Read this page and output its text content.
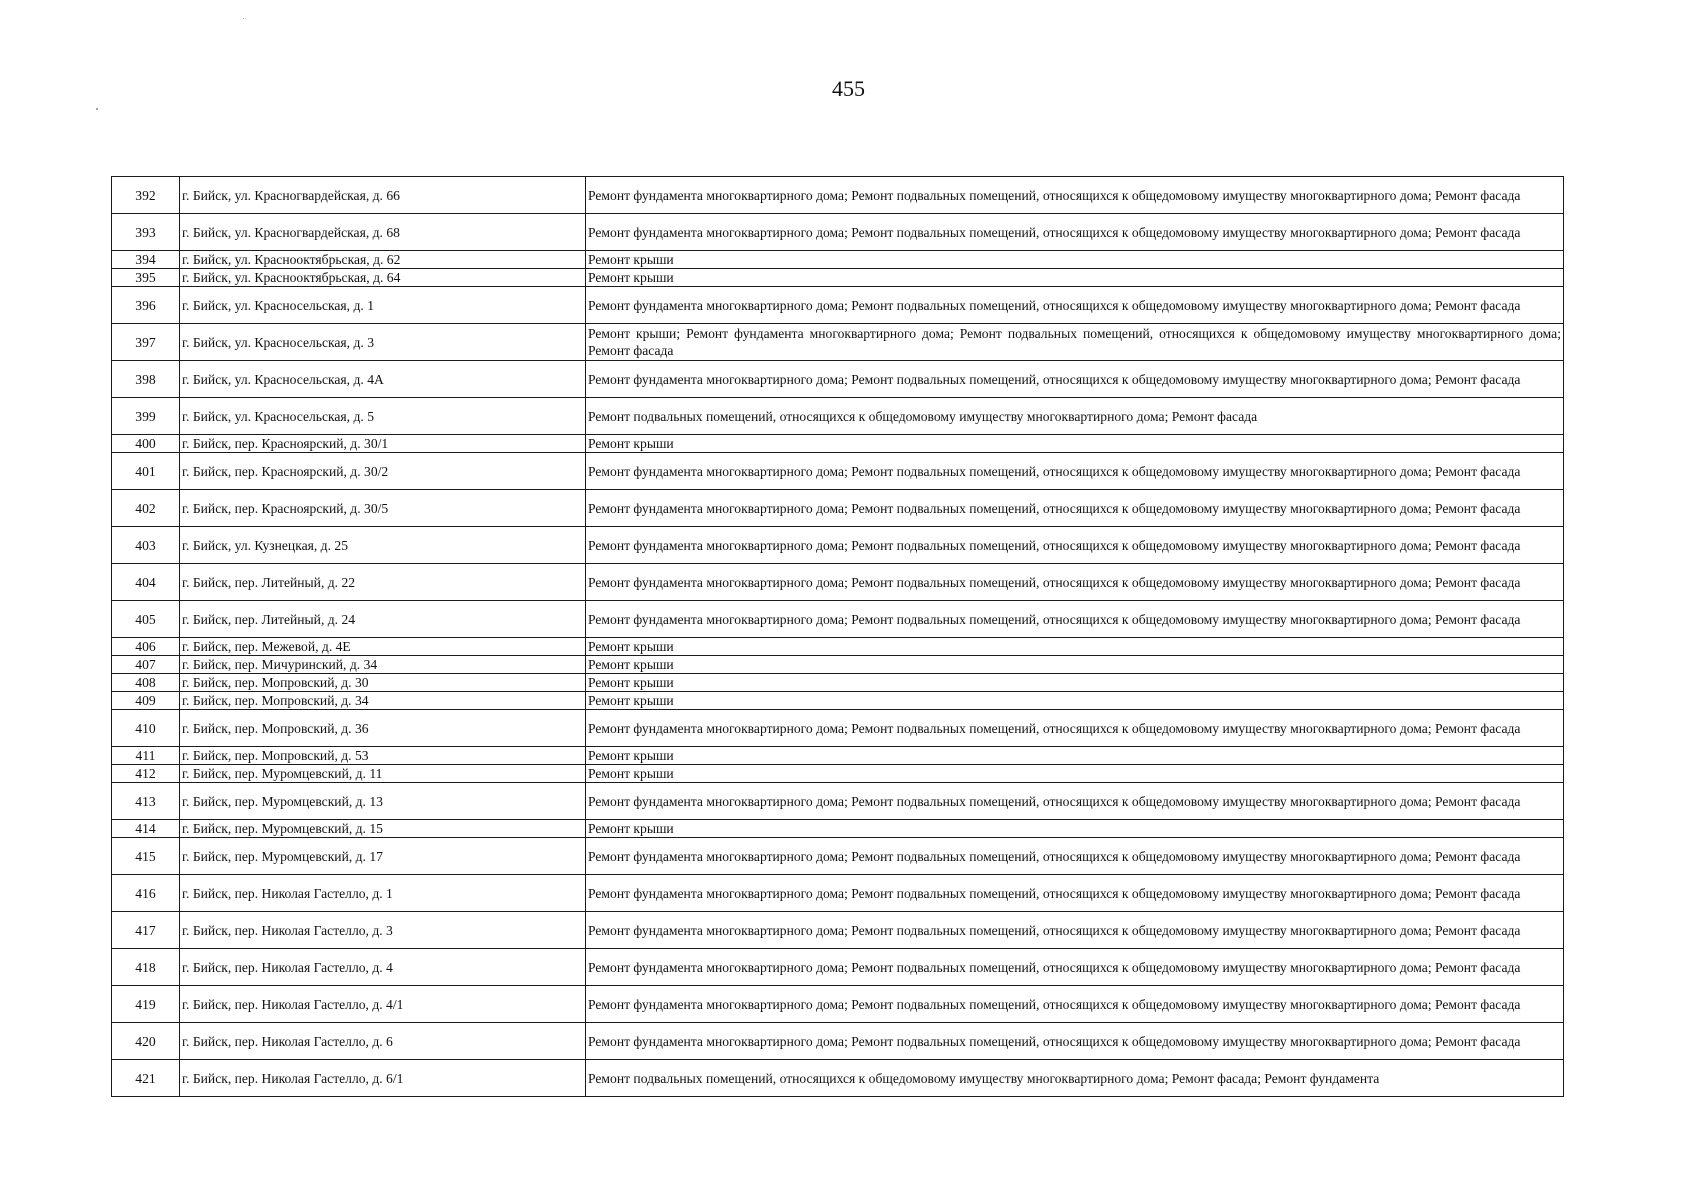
455
392	г. Бийск, ул. Красногвардейская, д. 66	Ремонт фундамента многоквартирного дома; Ремонт подвальных помещений, относящихся к общедомовому имуществу многоквартирного дома; Ремонт фасада
393	г. Бийск, ул. Красногвардейская, д. 68	Ремонт фундамента многоквартирного дома; Ремонт подвальных помещений, относящихся к общедомовому имуществу многоквартирного дома; Ремонт фасада
394	г. Бийск, ул. Краснооктябрьская, д. 62	Ремонт крыши
395	г. Бийск, ул. Краснооктябрьская, д. 64	Ремонт крыши
396	г. Бийск, ул. Красносельская, д. 1	Ремонт фундамента многоквартирного дома; Ремонт подвальных помещений, относящихся к общедомовому имуществу многоквартирного дома; Ремонт фасада
397	г. Бийск, ул. Красносельская, д. 3	Ремонт крыши; Ремонт фундамента многоквартирного дома; Ремонт подвальных помещений, относящихся к общедомовому имуществу многоквартирного дома; Ремонт фасада
398	г. Бийск, ул. Красносельская, д. 4А	Ремонт фундамента многоквартирного дома; Ремонт подвальных помещений, относящихся к общедомовому имуществу многоквартирного дома; Ремонт фасада
399	г. Бийск, ул. Красносельская, д. 5	Ремонт подвальных помещений, относящихся к общедомовому имуществу многоквартирного дома; Ремонт фасада
400	г. Бийск, пер. Красноярский, д. 30/1	Ремонт крыши
401	г. Бийск, пер. Красноярский, д. 30/2	Ремонт фундамента многоквартирного дома; Ремонт подвальных помещений, относящихся к общедомовому имуществу многоквартирного дома; Ремонт фасада
402	г. Бийск, пер. Красноярский, д. 30/5	Ремонт фундамента многоквартирного дома; Ремонт подвальных помещений, относящихся к общедомовому имуществу многоквартирного дома; Ремонт фасада
403	г. Бийск, ул. Кузнецкая, д. 25	Ремонт фундамента многоквартирного дома; Ремонт подвальных помещений, относящихся к общедомовому имуществу многоквартирного дома; Ремонт фасада
404	г. Бийск, пер. Литейный, д. 22	Ремонт фундамента многоквартирного дома; Ремонт подвальных помещений, относящихся к общедомовому имуществу многоквартирного дома; Ремонт фасада
405	г. Бийск, пер. Литейный, д. 24	Ремонт фундамента многоквартирного дома; Ремонт подвальных помещений, относящихся к общедомовому имуществу многоквартирного дома; Ремонт фасада
406	г. Бийск, пер. Межевой, д. 4Е	Ремонт крыши
407	г. Бийск, пер. Мичуринский, д. 34	Ремонт крыши
408	г. Бийск, пер. Мопровский, д. 30	Ремонт крыши
409	г. Бийск, пер. Мопровский, д. 34	Ремонт крыши
410	г. Бийск, пер. Мопровский, д. 36	Ремонт фундамента многоквартирного дома; Ремонт подвальных помещений, относящихся к общедомовому имуществу многоквартирного дома; Ремонт фасада
411	г. Бийск, пер. Мопровский, д. 53	Ремонт крыши
412	г. Бийск, пер. Муромцевский, д. 11	Ремонт крыши
413	г. Бийск, пер. Муромцевский, д. 13	Ремонт фундамента многоквартирного дома; Ремонт подвальных помещений, относящихся к общедомовому имуществу многоквартирного дома; Ремонт фасада
414	г. Бийск, пер. Муромцевский, д. 15	Ремонт крыши
415	г. Бийск, пер. Муромцевский, д. 17	Ремонт фундамента многоквартирного дома; Ремонт подвальных помещений, относящихся к общедомовому имуществу многоквартирного дома; Ремонт фасада
416	г. Бийск, пер. Николая Гастелло, д. 1	Ремонт фундамента многоквартирного дома; Ремонт подвальных помещений, относящихся к общедомовому имуществу многоквартирного дома; Ремонт фасада
417	г. Бийск, пер. Николая Гастелло, д. 3	Ремонт фундамента многоквартирного дома; Ремонт подвальных помещений, относящихся к общедомовому имуществу многоквартирного дома; Ремонт фасада
418	г. Бийск, пер. Николая Гастелло, д. 4	Ремонт фундамента многоквартирного дома; Ремонт подвальных помещений, относящихся к общедомовому имуществу многоквартирного дома; Ремонт фасада
419	г. Бийск, пер. Николая Гастелло, д. 4/1	Ремонт фундамента многоквартирного дома; Ремонт подвальных помещений, относящихся к общедомовому имуществу многоквартирного дома; Ремонт фасада
420	г. Бийск, пер. Николая Гастелло, д. 6	Ремонт фундамента многоквартирного дома; Ремонт подвальных помещений, относящихся к общедомовому имуществу многоквартирного дома; Ремонт фасада
421	г. Бийск, пер. Николая Гастелло, д. 6/1	Ремонт подвальных помещений, относящихся к общедомовому имуществу многоквартирного дома; Ремонт фасада; Ремонт фундамента
